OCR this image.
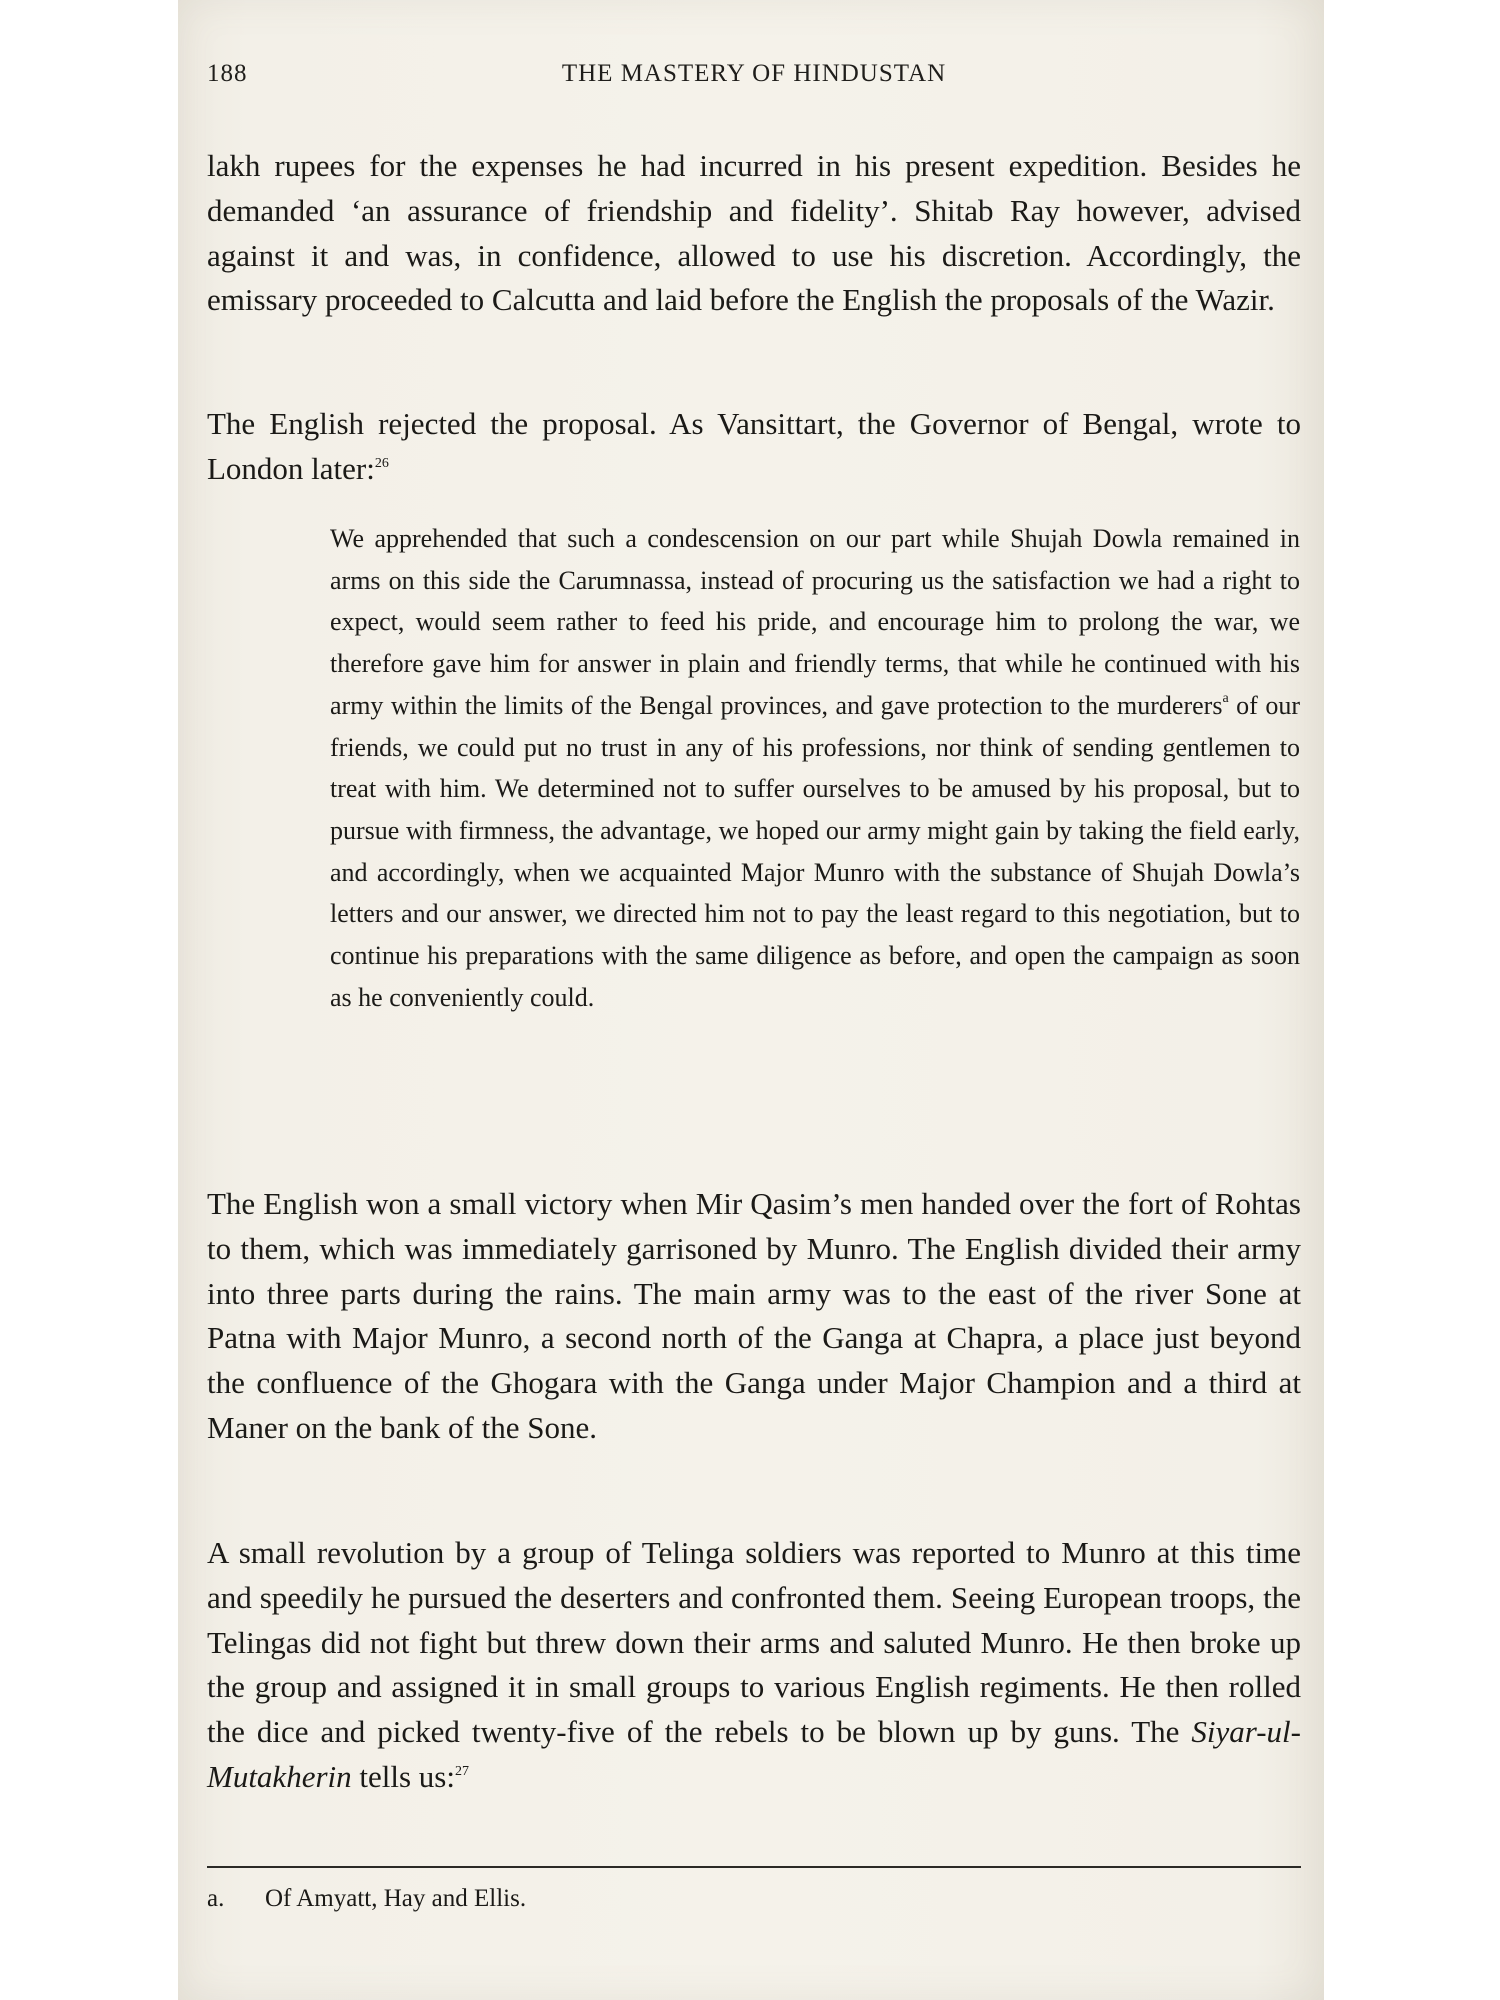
188	THE MASTERY OF HINDUSTAN

lakh rupees for the expenses he had incurred in his present expedition. Besides he demanded ‘an assurance of friendship and fidelity’. Shitab Ray however, advised against it and was, in confidence, allowed to use his discretion. Accordingly, the emissary proceeded to Calcutta and laid before the English the proposals of the Wazir.

The English rejected the proposal. As Vansittart, the Governor of Bengal, wrote to London later:$^{26}$

We apprehended that such a condescension on our part while Shujah Dowla remained in arms on this side the Carumnassa, instead of procuring us the satisfaction we had a right to expect, would seem rather to feed his pride, and encourage him to prolong the war, we therefore gave him for answer in plain and friendly terms, that while he continued with his army within the limits of the Bengal provinces, and gave protection to the murderers$^a$ of our friends, we could put no trust in any of his professions, nor think of sending gentlemen to treat with him. We determined not to suffer ourselves to be amused by his proposal, but to pursue with firmness, the advantage, we hoped our army might gain by taking the field early, and accordingly, when we acquainted Major Munro with the substance of Shujah Dowla’s letters and our answer, we directed him not to pay the least regard to this negotiation, but to continue his preparations with the same diligence as before, and open the campaign as soon as he conveniently could.

The English won a small victory when Mir Qasim’s men handed over the fort of Rohtas to them, which was immediately garrisoned by Munro. The English divided their army into three parts during the rains. The main army was to the east of the river Sone at Patna with Major Munro, a second north of the Ganga at Chapra, a place just beyond the confluence of the Ghogara with the Ganga under Major Champion and a third at Maner on the bank of the Sone.

A small revolution by a group of Telinga soldiers was reported to Munro at this time and speedily he pursued the deserters and confronted them. Seeing European troops, the Telingas did not fight but threw down their arms and saluted Munro. He then broke up the group and assigned it in small groups to various English regiments. He then rolled the dice and picked twenty-five of the rebels to be blown up by guns. The Siyar-ul-Mutakherin tells us:$^{27}$

a. Of Amyatt, Hay and Ellis.
